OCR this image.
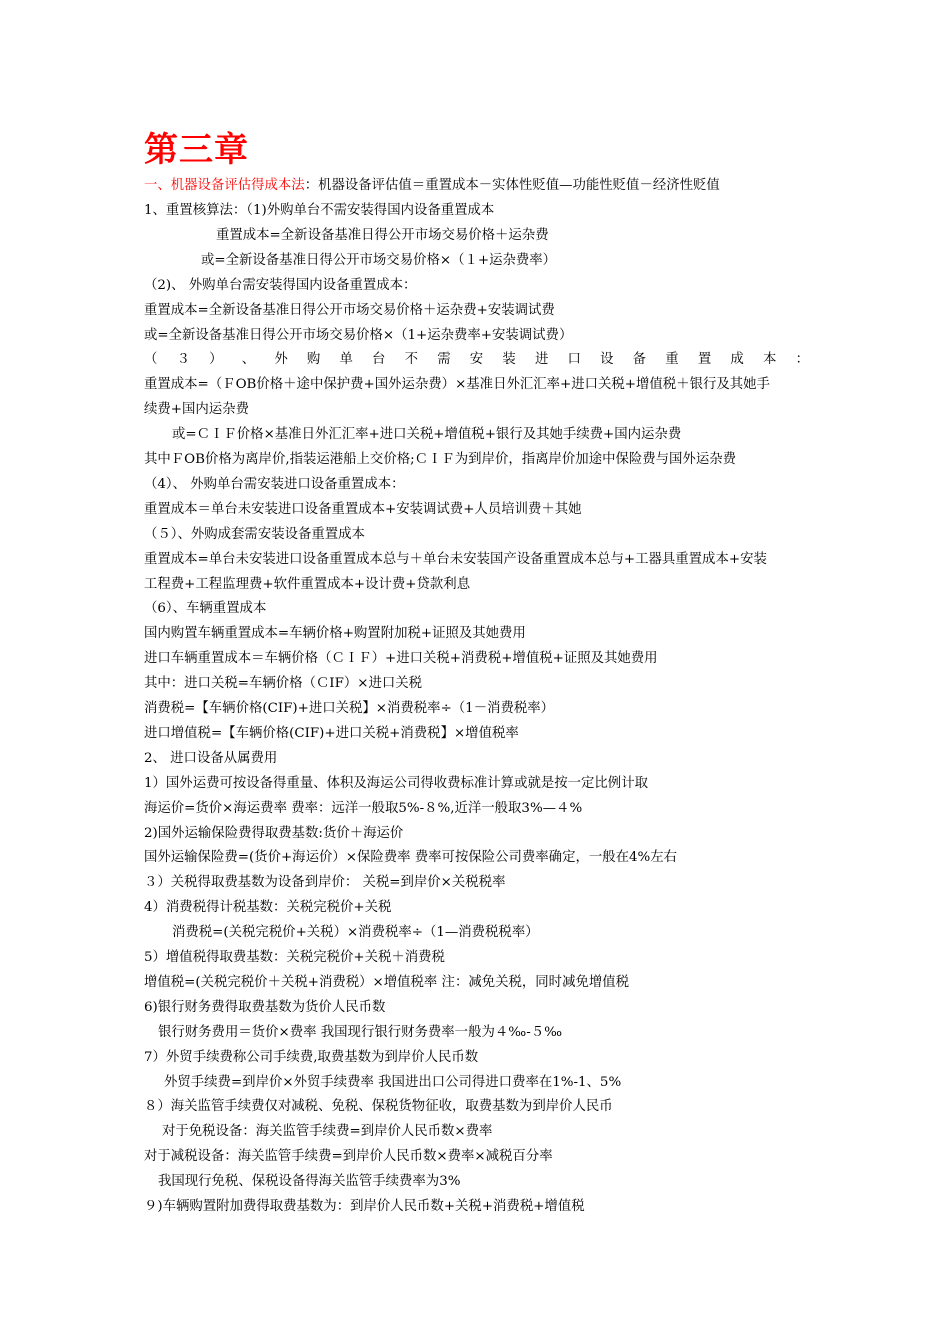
第三章
一、机器设备评估得成本法：机器设备评估值＝重置成本－实体性贬值—功能性贬值－经济性贬值
1、重置核算法：（1)外购单台不需安装得国内设备重置成本
重置成本=全新设备基准日得公开市场交易价格＋运杂费
或=全新设备基准日得公开市场交易价格×（１+运杂费率）
（2)、 外购单台需安装得国内设备重置成本：
重置成本=全新设备基准日得公开市场交易价格＋运杂费+安装调试费
或=全新设备基准日得公开市场交易价格×（1+运杂费率+安装调试费）
（ ３ ） 、 外 购 单 台 不 需 安 装 进 口 设 备 重 置 成 本 ：
重置成本=（ＦOB价格＋途中保护费+国外运杂费）×基准日外汇汇率+进口关税+增值税＋银行及其她手
续费+国内运杂费
或=ＣＩＦ价格×基准日外汇汇率+进口关税+增值税+银行及其她手续费+国内运杂费
其中ＦOB价格为离岸价,指装运港船上交价格;ＣＩＦ为到岸价，指离岸价加途中保险费与国外运杂费
（4）、 外购单台需安装进口设备重置成本：
重置成本＝单台未安装进口设备重置成本+安装调试费+人员培训费＋其她
（５）、外购成套需安装设备重置成本
重置成本=单台未安装进口设备重置成本总与＋单台未安装国产设备重置成本总与+工器具重置成本+安装
工程费+工程监理费+软件重置成本+设计费+贷款利息
（6）、车辆重置成本
国内购置车辆重置成本=车辆价格+购置附加税+证照及其她费用
进口车辆重置成本＝车辆价格（ＣＩＦ）+进口关税+消费税+增值税+证照及其她费用
其中：进口关税=车辆价格（ＣIF）×进口关税
消费税=【车辆价格(CIF)+进口关税】×消费税率÷（1－消费税率）
进口增值税=【车辆价格(CIF)+进口关税+消费税】×增值税率
2、 进口设备从属费用
1）国外运费可按设备得重量、体积及海运公司得收费标准计算或就是按一定比例计取
海运价=货价×海运费率 费率：远洋一般取5%-８%,近洋一般取3%—４%
2)国外运输保险费得取费基数:货价＋海运价
国外运输保险费=(货价+海运价）×保险费率 费率可按保险公司费率确定，一般在4%左右
３）关税得取费基数为设备到岸价： 关税=到岸价×关税税率
4）消费税得计税基数：关税完税价+关税
消费税=(关税完税价+关税）×消费税率÷（1—消费税税率）
5）增值税得取费基数：关税完税价+关税＋消费税
增值税=(关税完税价＋关税+消费税）×增值税率 注：减免关税，同时减免增值税
6)银行财务费得取费基数为货价人民币数
银行财务费用＝货价×费率 我国现行银行财务费率一般为４‰-５‰
7）外贸手续费称公司手续费,取费基数为到岸价人民币数
外贸手续费=到岸价×外贸手续费率 我国进出口公司得进口费率在1%-1、5%
８）海关监管手续费仅对减税、免税、保税货物征收，取费基数为到岸价人民币
对于免税设备：海关监管手续费=到岸价人民币数×费率
对于减税设备：海关监管手续费=到岸价人民币数×费率×减税百分率
我国现行免税、保税设备得海关监管手续费率为3%
９)车辆购置附加费得取费基数为：到岸价人民币数+关税+消费税+增值税
